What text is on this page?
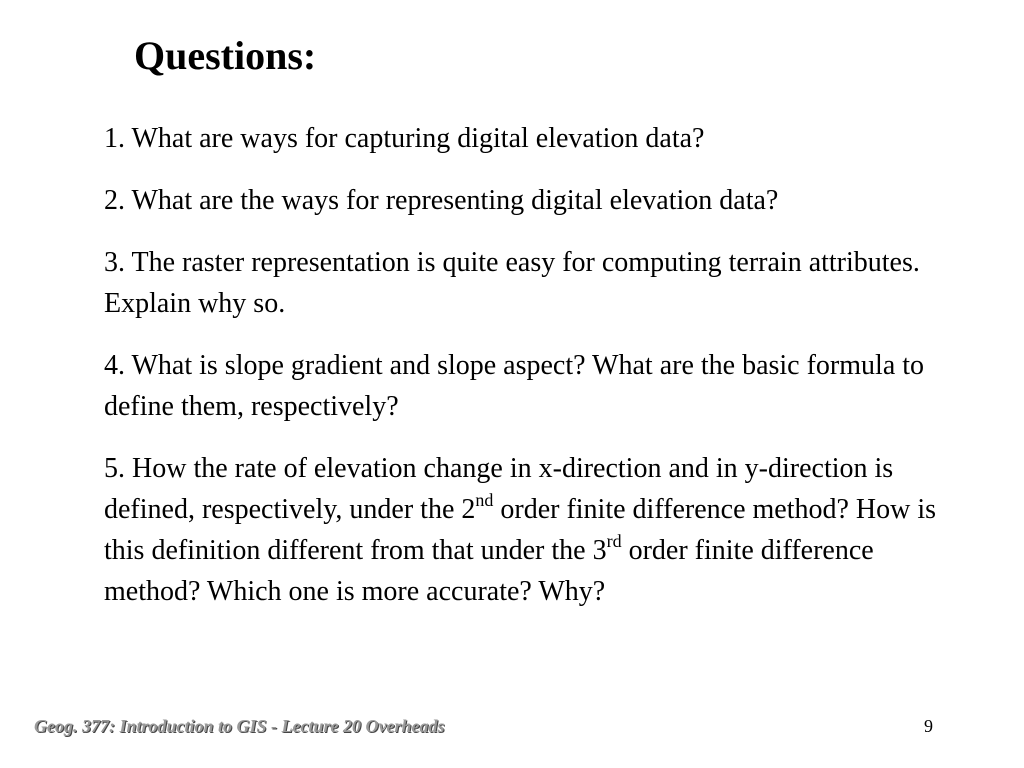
Questions:
1. What are ways for capturing digital elevation data?
2. What are the ways for representing digital elevation data?
3. The raster representation is quite easy for computing terrain attributes. Explain why so.
4. What is slope gradient and slope aspect? What are the basic formula to define them, respectively?
5. How the rate of elevation change in x-direction and in y-direction is defined, respectively, under the 2nd order finite difference method? How is this definition different from that under the 3rd order finite difference method? Which one is more accurate? Why?
Geog. 377: Introduction to GIS - Lecture 20 Overheads	9
